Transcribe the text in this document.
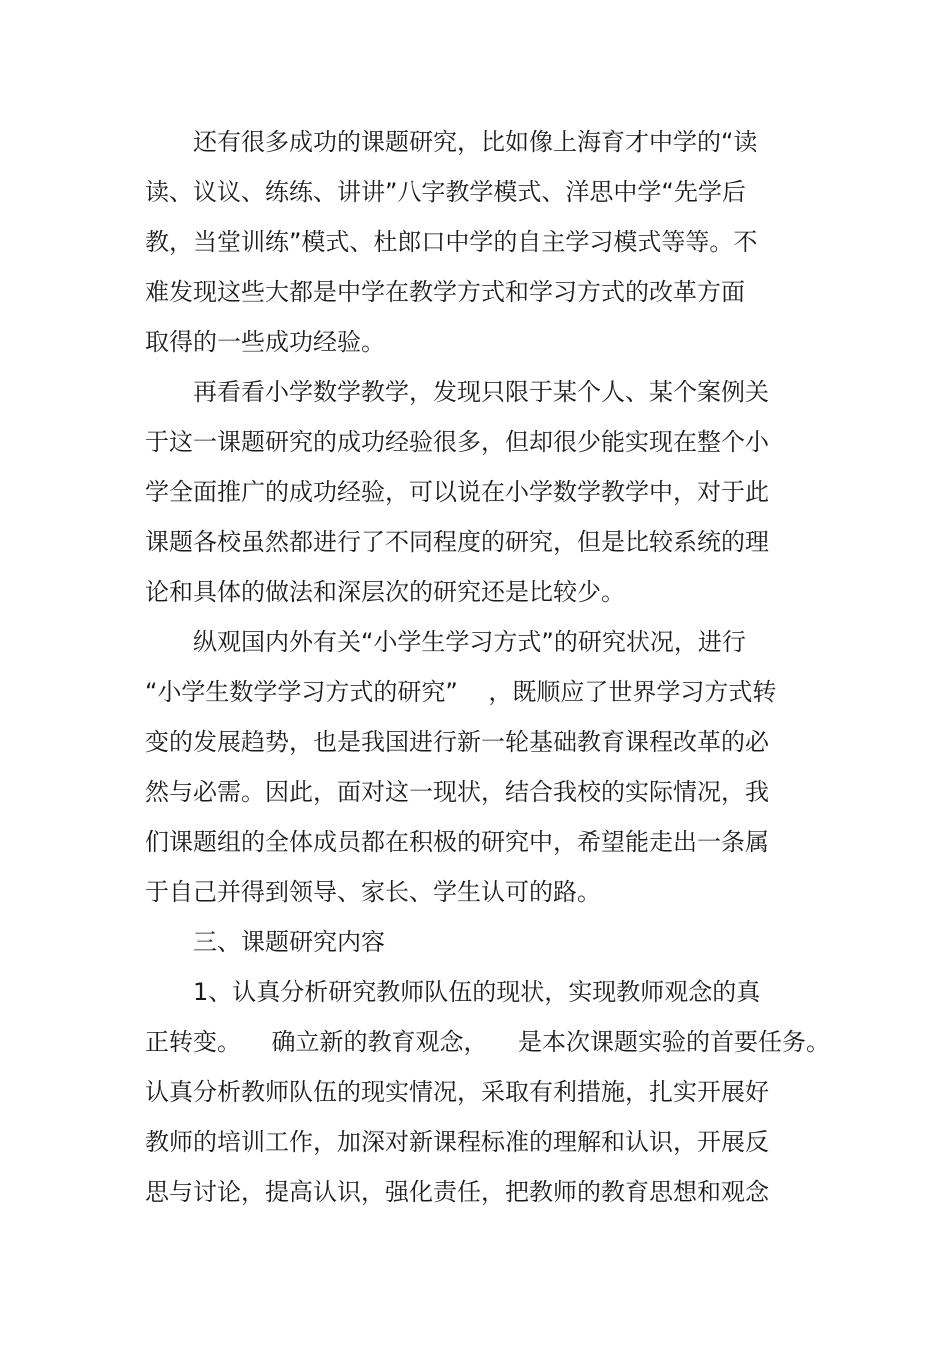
还有很多成功的课题研究，比如像上海育才中学的“读
读、议议、练练、讲讲”八字教学模式、洋思中学“先学后
教，当堂训练”模式、杜郎口中学的自主学习模式等等。不
难发现这些大都是中学在教学方式和学习方式的改革方面
取得的一些成功经验。
再看看小学数学教学，发现只限于某个人、某个案例关
于这一课题研究的成功经验很多，但却很少能实现在整个小
学全面推广的成功经验，可以说在小学数学教学中，对于此
课题各校虽然都进行了不同程度的研究，但是比较系统的理
论和具体的做法和深层次的研究还是比较少。
纵观国内外有关“小学生学习方式”的研究状况，进行
“小学生数学学习方式的研究”    ，既顺应了世界学习方式转
变的发展趋势，也是我国进行新一轮基础教育课程改革的必
然与必需。因此，面对这一现状，结合我校的实际情况，我
们课题组的全体成员都在积极的研究中，希望能走出一条属
于自己并得到领导、家长、学生认可的路。
三、课题研究内容
1、认真分析研究教师队伍的现状，实现教师观念的真
正转变。    确立新的教育观念，    是本次课题实验的首要任务。
认真分析教师队伍的现实情况，采取有利措施，扎实开展好
教师的培训工作，加深对新课程标准的理解和认识，开展反
思与讨论，提高认识，强化责任，把教师的教育思想和观念
